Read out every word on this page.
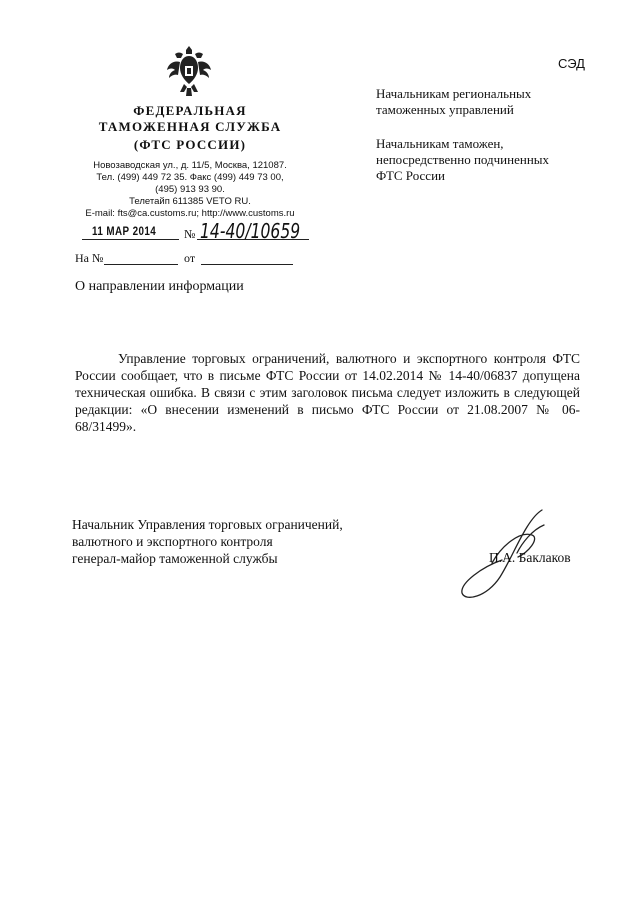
СЭД
ФЕДЕРАЛЬНАЯ
ТАМОЖЕННАЯ СЛУЖБА
(ФТС РОССИИ)
Новозаводская ул., д. 11/5, Москва, 121087.
Тел. (499) 449 72 35. Факс (499) 449 73 00,
(495) 913 93 90.
Телетайп 611385 VETO RU.
E-mail: fts@ca.customs.ru; http://www.customs.ru
11 МАР 2014 № 14-40/10659
На №	от
О направлении информации
Начальникам региональных
таможенных управлений
Начальникам таможен,
непосредственно подчиненных
ФТС России

Управление торговых ограничений, валютного и экспортного контроля ФТС России сообщает, что в письме ФТС России от 14.02.2014 № 14-40/06837 допущена техническая ошибка. В связи с этим заголовок письма следует изложить в следующей редакции: «О внесении изменений в письмо ФТС России от 21.08.2007 № 06-68/31499».

Начальник Управления торговых ограничений,
валютного и экспортного контроля
генерал-майор таможенной службы	П.А. Баклаков
